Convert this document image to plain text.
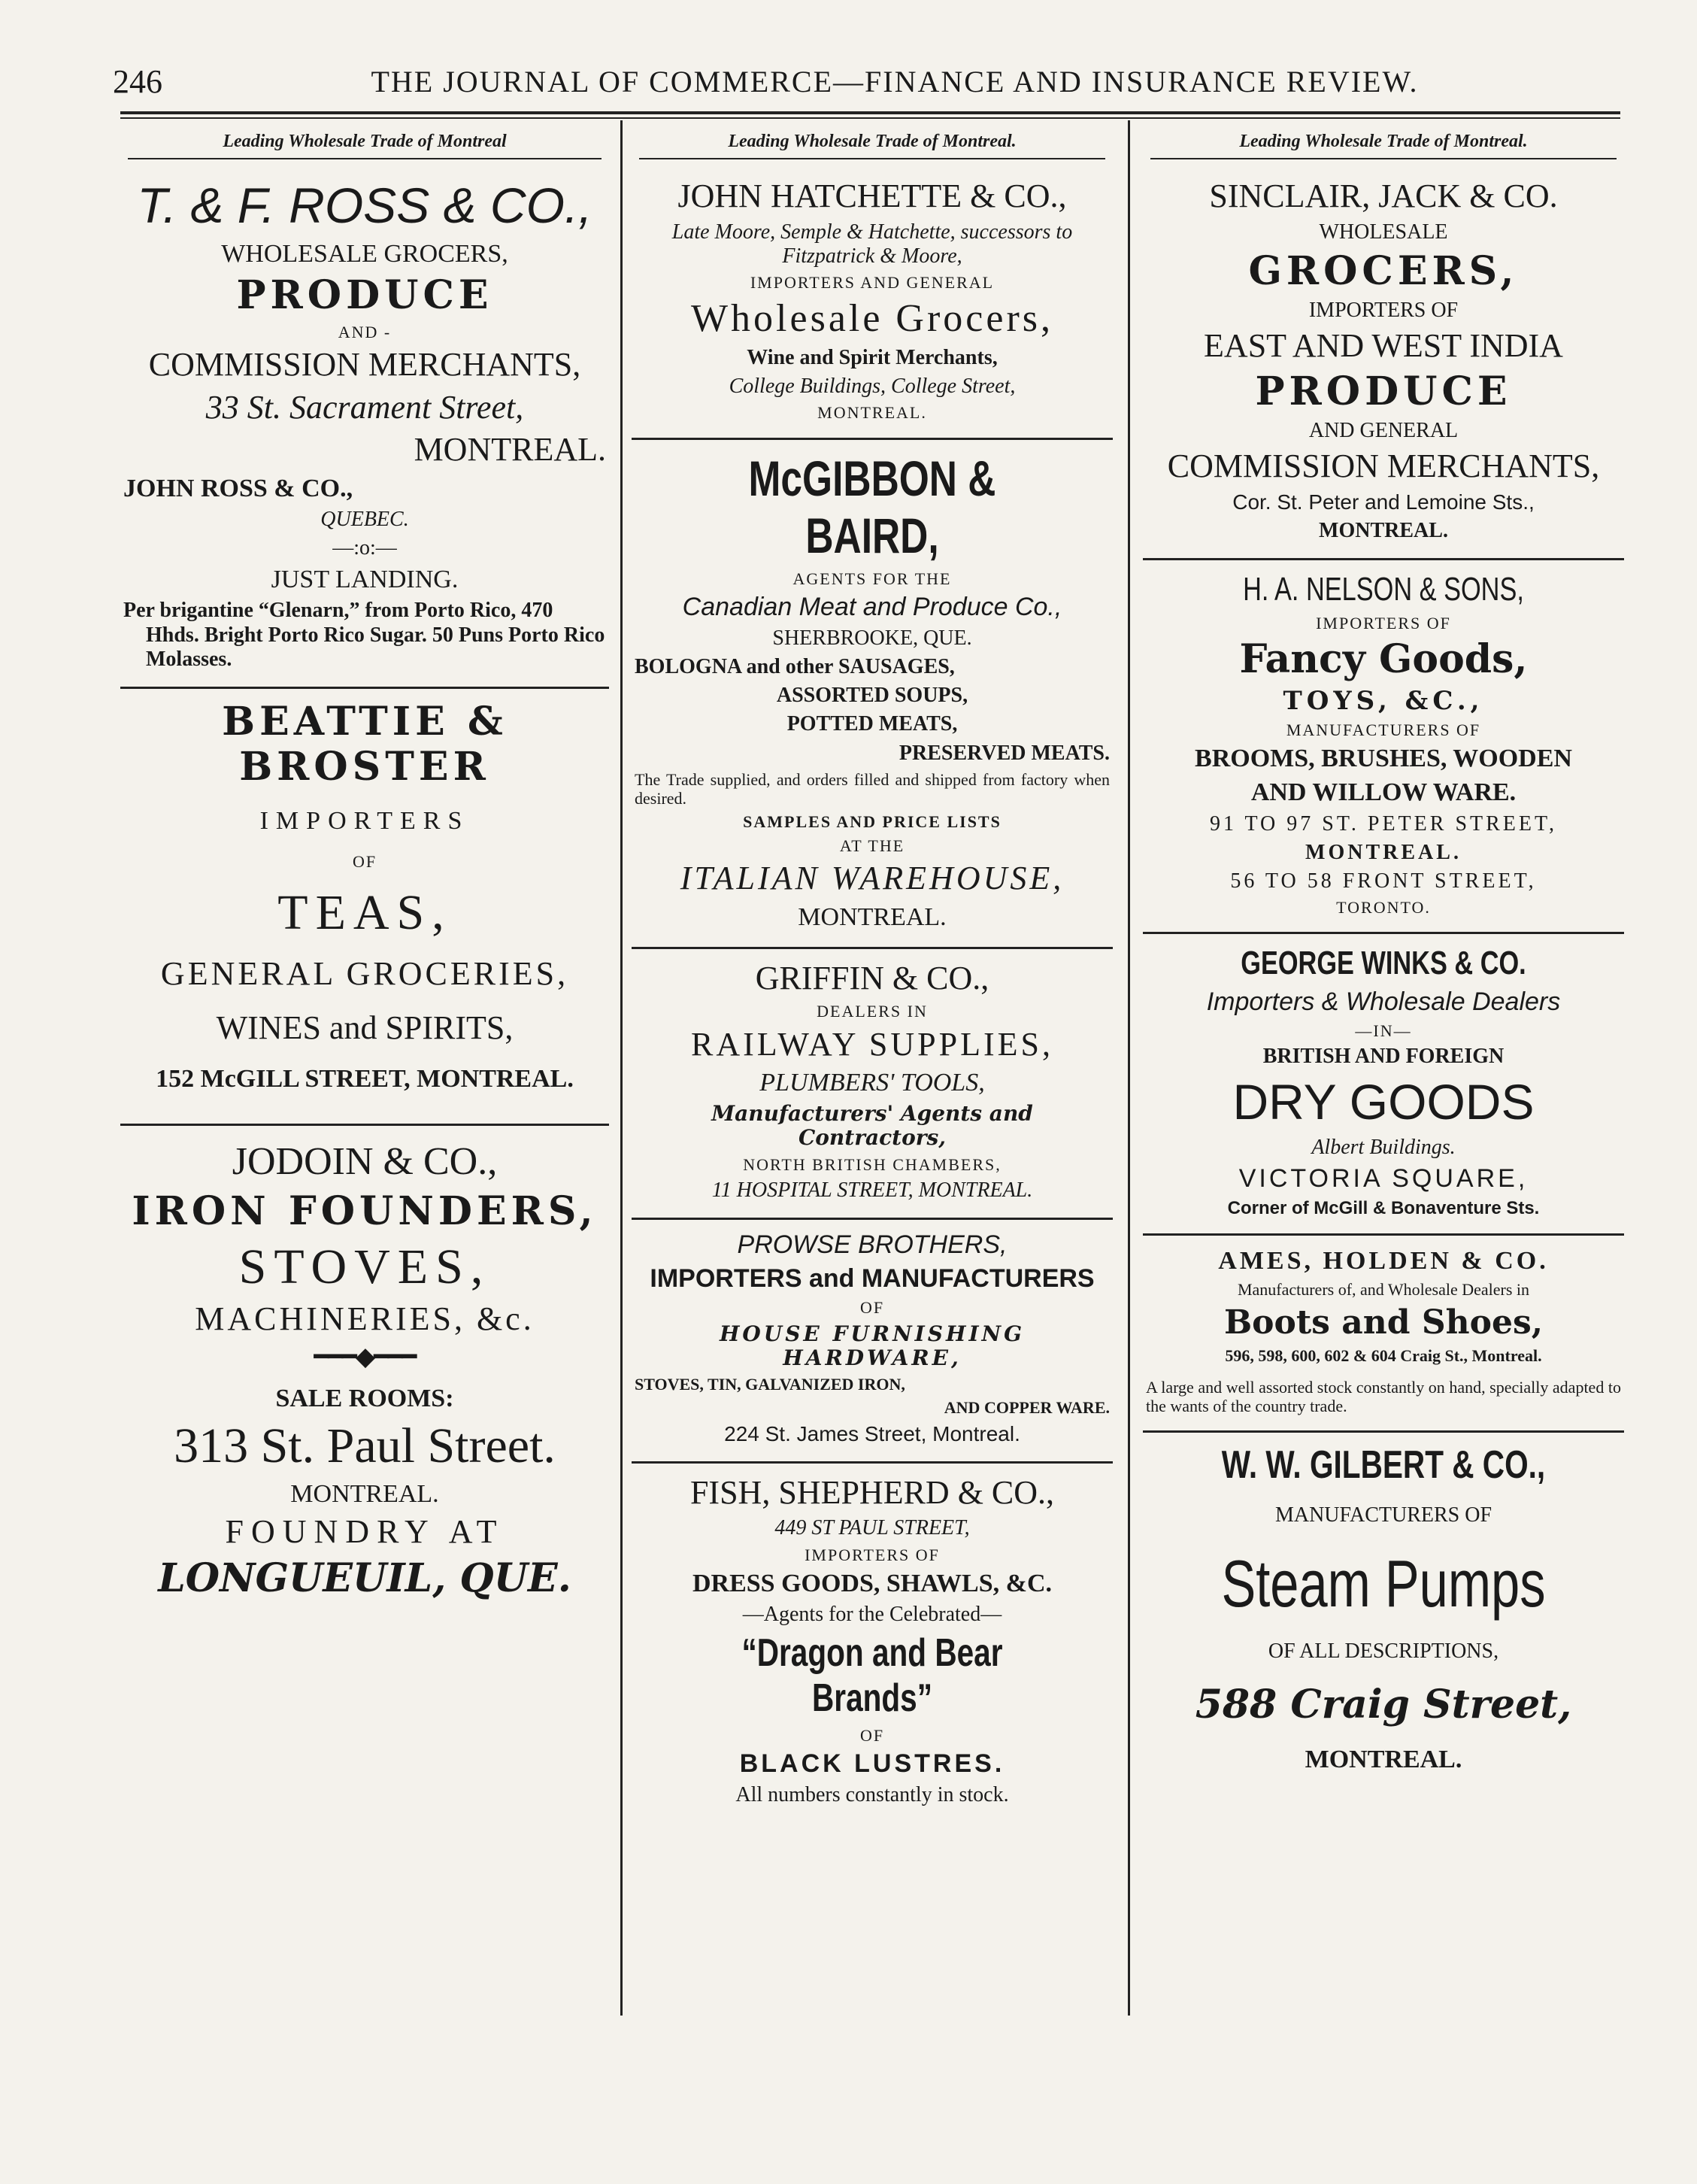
246	THE JOURNAL OF COMMERCE—FINANCE AND INSURANCE REVIEW.
Leading Wholesale Trade of Montreal
T. & F. ROSS & CO.,
WHOLESALE GROCERS,
PRODUCE
AND -
COMMISSION MERCHANTS,
33 St. Sacrament Street,
MONTREAL.
JOHN ROSS & CO.,
QUEBEC.
—:o:—
JUST LANDING.
Per brigantine “Glenarn,” from Porto Rico, 470 Hhds. Bright Porto Rico Sugar. 50 Puns Porto Rico Molasses.
BEATTIE & BROSTER
IMPORTERS
OF
TEAS,
GENERAL GROCERIES,
WINES and SPIRITS,
152 McGILL STREET, MONTREAL.
JODOIN & CO.,
IRON FOUNDERS,
STOVES,
MACHINERIES, &c.
━━━◆━━━
SALE ROOMS:
313 St. Paul Street.
MONTREAL.
FOUNDRY AT
LONGUEUIL, QUE.
Leading Wholesale Trade of Montreal.
JOHN HATCHETTE & CO.,
Late Moore, Semple & Hatchette, successors to Fitzpatrick & Moore,
IMPORTERS AND GENERAL
Wholesale Grocers,
Wine and Spirit Merchants,
College Buildings, College Street,
MONTREAL.
McGIBBON & BAIRD,
AGENTS FOR THE
Canadian Meat and Produce Co.,
SHERBROOKE, QUE.
BOLOGNA and other SAUSAGES,
ASSORTED SOUPS,
POTTED MEATS,
PRESERVED MEATS.
The Trade supplied, and orders filled and shipped from factory when desired.
SAMPLES AND PRICE LISTS
AT THE
ITALIAN WAREHOUSE,
MONTREAL.
GRIFFIN & CO.,
DEALERS IN
RAILWAY SUPPLIES,
PLUMBERS' TOOLS,
Manufacturers' Agents and Contractors,
NORTH BRITISH CHAMBERS,
11 HOSPITAL STREET, MONTREAL.
PROWSE BROTHERS,
IMPORTERS and MANUFACTURERS
OF
HOUSE FURNISHING HARDWARE,
STOVES, TIN, GALVANIZED IRON,
AND COPPER WARE.
224 St. James Street, Montreal.
FISH, SHEPHERD & CO.,
449 ST PAUL STREET,
IMPORTERS OF
DRESS GOODS, SHAWLS, &C.
—Agents for the Celebrated—
“Dragon and Bear Brands”
OF
BLACK LUSTRES.
All numbers constantly in stock.
Leading Wholesale Trade of Montreal.
SINCLAIR, JACK & CO.
WHOLESALE
GROCERS,
IMPORTERS OF
EAST AND WEST INDIA
PRODUCE
AND GENERAL
COMMISSION MERCHANTS,
Cor. St. Peter and Lemoine Sts.,
MONTREAL.
H. A. NELSON & SONS,
IMPORTERS OF
Fancy Goods,
TOYS, &C.,
MANUFACTURERS OF
BROOMS, BRUSHES, WOODEN
AND WILLOW WARE.
91 TO 97 ST. PETER STREET,
MONTREAL.
56 TO 58 FRONT STREET,
TORONTO.
GEORGE WINKS & CO.
Importers & Wholesale Dealers
—IN—
BRITISH AND FOREIGN
DRY GOODS
Albert Buildings.
VICTORIA SQUARE,
Corner of McGill & Bonaventure Sts.
AMES, HOLDEN & CO.
Manufacturers of, and Wholesale Dealers in
Boots and Shoes,
596, 598, 600, 602 & 604 Craig St., Montreal.
A large and well assorted stock constantly on hand, specially adapted to the wants of the country trade.
W. W. GILBERT & CO.,
MANUFACTURERS OF
Steam Pumps
OF ALL DESCRIPTIONS,
588 Craig Street,
MONTREAL.
